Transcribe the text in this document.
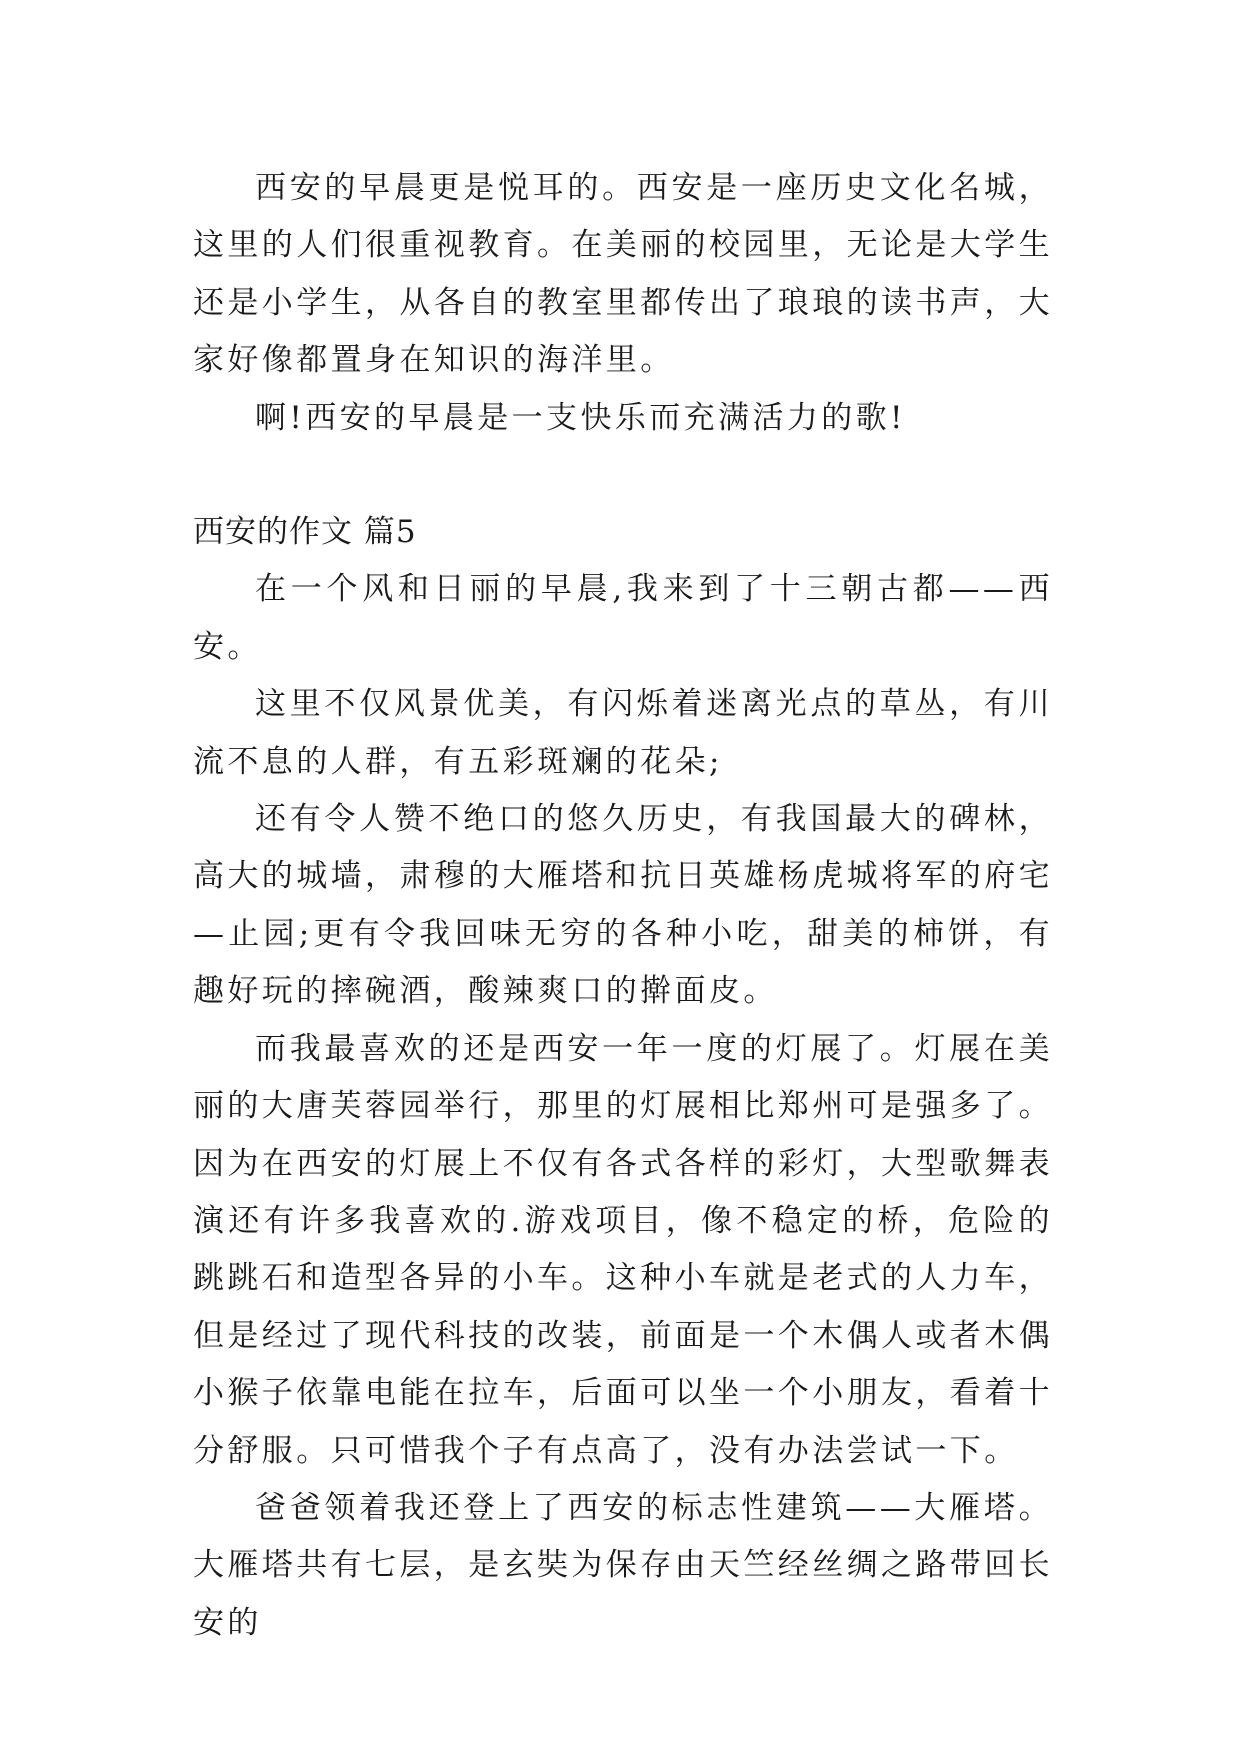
西安的早晨更是悦耳的。西安是一座历史文化名城，这里的人们很重视教育。在美丽的校园里，无论是大学生还是小学生，从各自的教室里都传出了琅琅的读书声，大家好像都置身在知识的海洋里。

啊!西安的早晨是一支快乐而充满活力的歌!

西安的作文 篇5

在一个风和日丽的早晨,我来到了十三朝古都——西安。

这里不仅风景优美，有闪烁着迷离光点的草丛，有川流不息的人群，有五彩斑斓的花朵;

还有令人赞不绝口的悠久历史，有我国最大的碑林，高大的城墙，肃穆的大雁塔和抗日英雄杨虎城将军的府宅—止园;更有令我回味无穷的各种小吃，甜美的柿饼，有趣好玩的摔碗酒，酸辣爽口的擀面皮。

而我最喜欢的还是西安一年一度的灯展了。灯展在美丽的大唐芙蓉园举行，那里的灯展相比郑州可是强多了。因为在西安的灯展上不仅有各式各样的彩灯，大型歌舞表演还有许多我喜欢的.游戏项目，像不稳定的桥，危险的跳跳石和造型各异的小车。这种小车就是老式的人力车，但是经过了现代科技的改装，前面是一个木偶人或者木偶小猴子依靠电能在拉车，后面可以坐一个小朋友，看着十分舒服。只可惜我个子有点高了，没有办法尝试一下。

爸爸领着我还登上了西安的标志性建筑——大雁塔。大雁塔共有七层，是玄奘为保存由天竺经丝绸之路带回长安的
